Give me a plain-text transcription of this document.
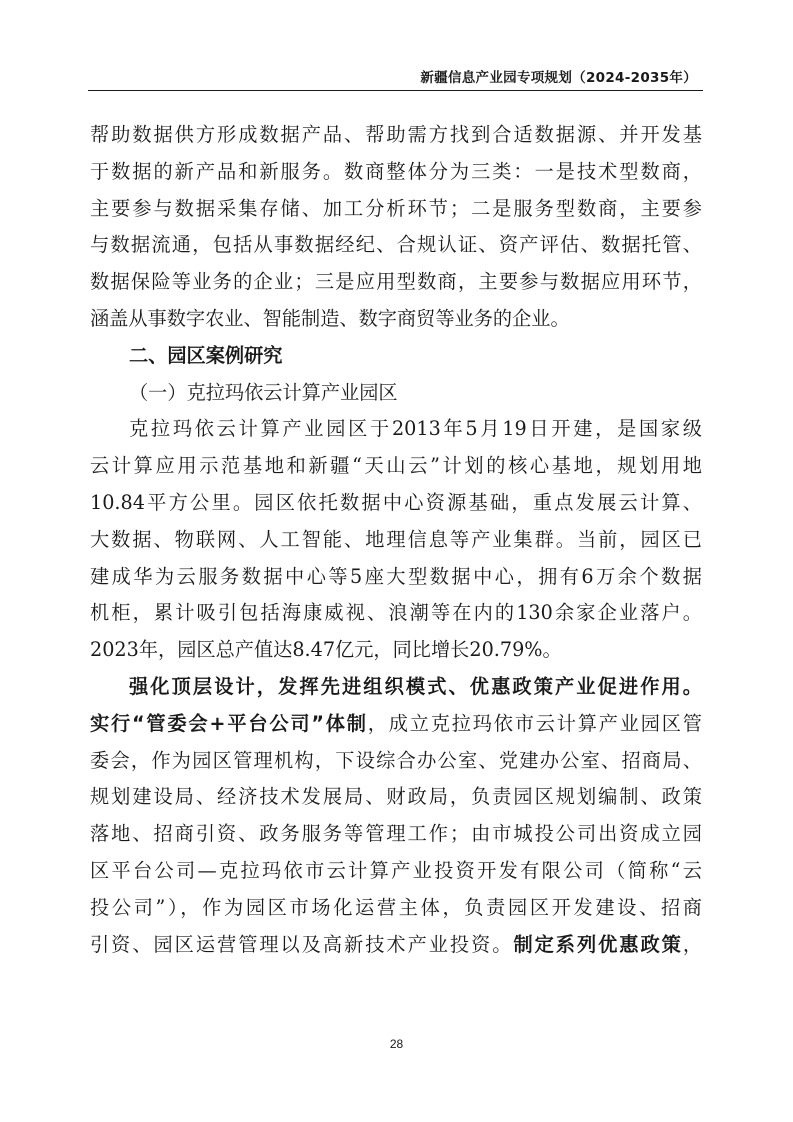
新疆信息产业园专项规划（2024-2035年）
帮助数据供方形成数据产品、帮助需方找到合适数据源、并开发基
于数据的新产品和新服务。数商整体分为三类：一是技术型数商，
主要参与数据采集存储、加工分析环节；二是服务型数商，主要参
与数据流通，包括从事数据经纪、合规认证、资产评估、数据托管、
数据保险等业务的企业；三是应用型数商，主要参与数据应用环节，
涵盖从事数字农业、智能制造、数字商贸等业务的企业。
二、园区案例研究
（一）克拉玛依云计算产业园区
克拉玛依云计算产业园区于2013年5月19日开建，是国家级
云计算应用示范基地和新疆“天山云”计划的核心基地，规划用地
10.84平方公里。园区依托数据中心资源基础，重点发展云计算、
大数据、物联网、人工智能、地理信息等产业集群。当前，园区已
建成华为云服务数据中心等5座大型数据中心，拥有6万余个数据
机柜，累计吸引包括海康威视、浪潮等在内的130余家企业落户。
2023年，园区总产值达8.47亿元，同比增长20.79%。
强化顶层设计，发挥先进组织模式、优惠政策产业促进作用。
实行“管委会+平台公司”体制，成立克拉玛依市云计算产业园区管
委会，作为园区管理机构，下设综合办公室、党建办公室、招商局、
规划建设局、经济技术发展局、财政局，负责园区规划编制、政策
落地、招商引资、政务服务等管理工作；由市城投公司出资成立园
区平台公司—克拉玛依市云计算产业投资开发有限公司（简称“云
投公司”），作为园区市场化运营主体，负责园区开发建设、招商
引资、园区运营管理以及高新技术产业投资。制定系列优惠政策，
28
